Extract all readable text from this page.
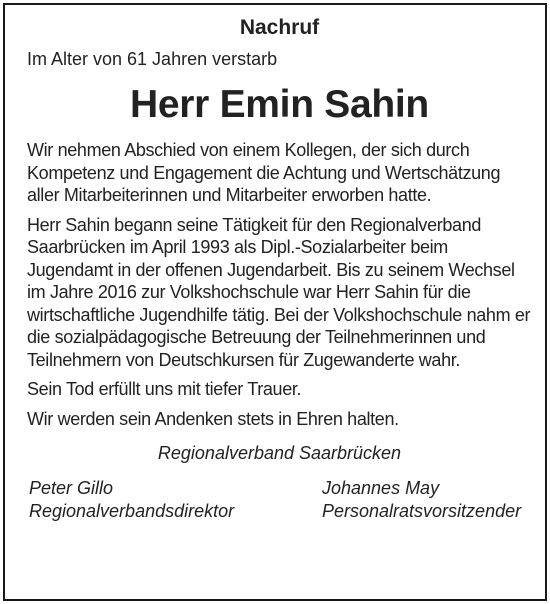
Nachruf
Im Alter von 61 Jahren verstarb
Herr Emin Sahin
Wir nehmen Abschied von einem Kollegen, der sich durch Kompetenz und Engagement die Achtung und Wertschätzung aller Mitarbeiterinnen und Mitarbeiter erworben hatte.
Herr Sahin begann seine Tätigkeit für den Regionalverband Saarbrücken im April 1993 als Dipl.-Sozialarbeiter beim Jugendamt in der offenen Jugendarbeit. Bis zu seinem Wechsel im Jahre 2016 zur Volkshochschule war Herr Sahin für die wirtschaftliche Jugendhilfe tätig. Bei der Volkshochschule nahm er die sozialpädagogische Betreuung der Teilnehmerinnen und Teilnehmern von Deutschkursen für Zugewanderte wahr.
Sein Tod erfüllt uns mit tiefer Trauer.
Wir werden sein Andenken stets in Ehren halten.
Regionalverband Saarbrücken
Peter Gillo
Regionalverbandsdirektor
Johannes May
Personalratsvorsitzender
